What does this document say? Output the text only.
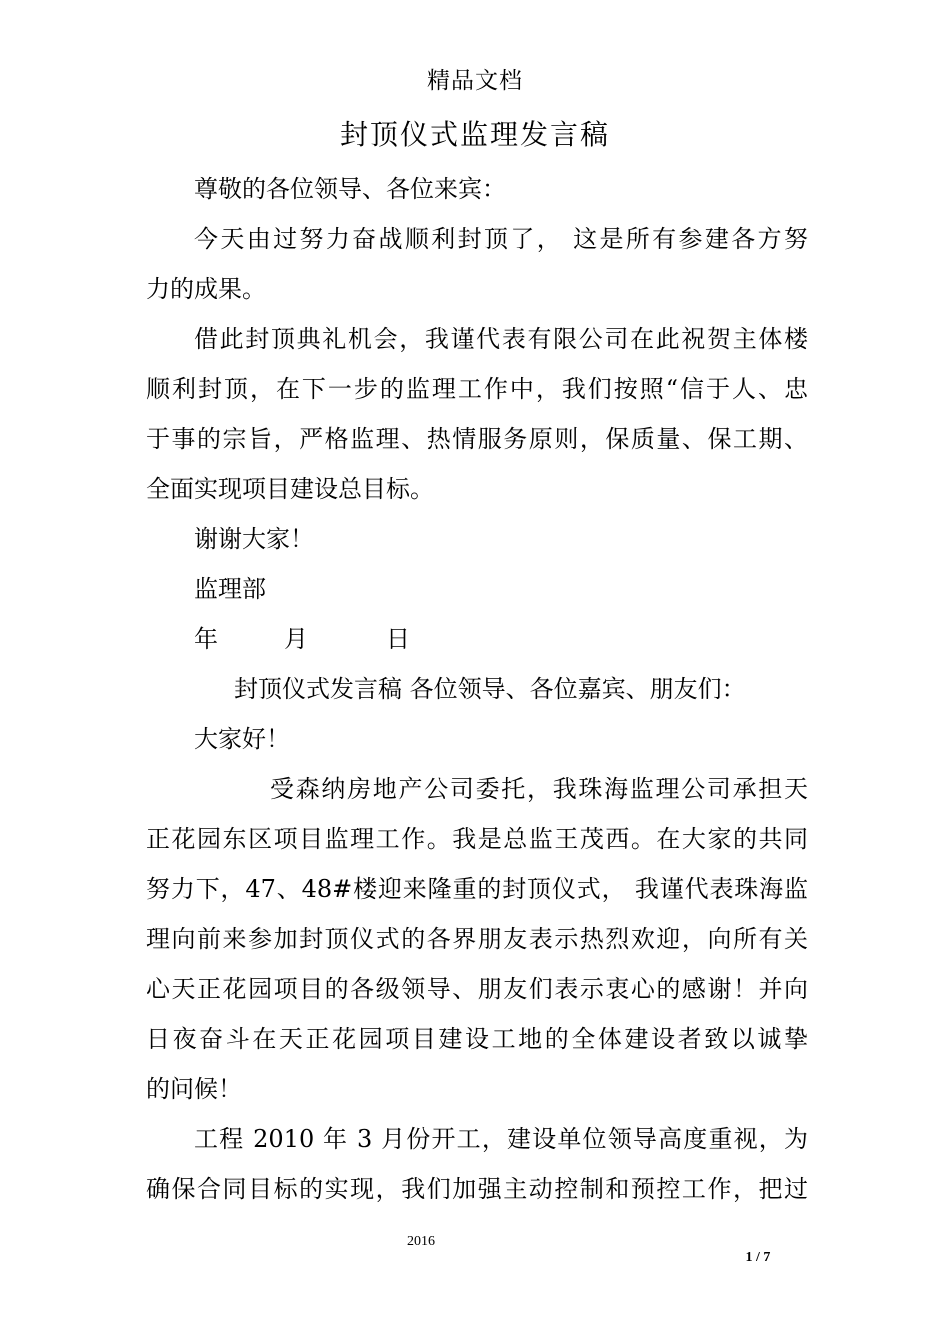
精品文档
封顶仪式监理发言稿
尊敬的各位领导、各位来宾：
今天由过努力奋战顺利封顶了， 这是所有参建各方努
力的成果。
借此封顶典礼机会，我谨代表有限公司在此祝贺主体楼
顺利封顶，在下一步的监理工作中，我们按照“信于人、忠
于事的宗旨，严格监理、热情服务原则，保质量、保工期、
全面实现项目建设总目标。
谢谢大家！
监理部
年	月	日
封顶仪式发言稿 各位领导、各位嘉宾、朋友们：
大家好！
受森纳房地产公司委托，我珠海监理公司承担天
正花园东区项目监理工作。我是总监王茂西。在大家的共同
努力下，47、48#楼迎来隆重的封顶仪式， 我谨代表珠海监
理向前来参加封顶仪式的各界朋友表示热烈欢迎，向所有关
心天正花园项目的各级领导、朋友们表示衷心的感谢！并向
日夜奋斗在天正花园项目建设工地的全体建设者致以诚挚
的问候！
工程 2010 年 3 月份开工，建设单位领导高度重视，为
确保合同目标的实现，我们加强主动控制和预控工作，把过
2016
1 / 7
